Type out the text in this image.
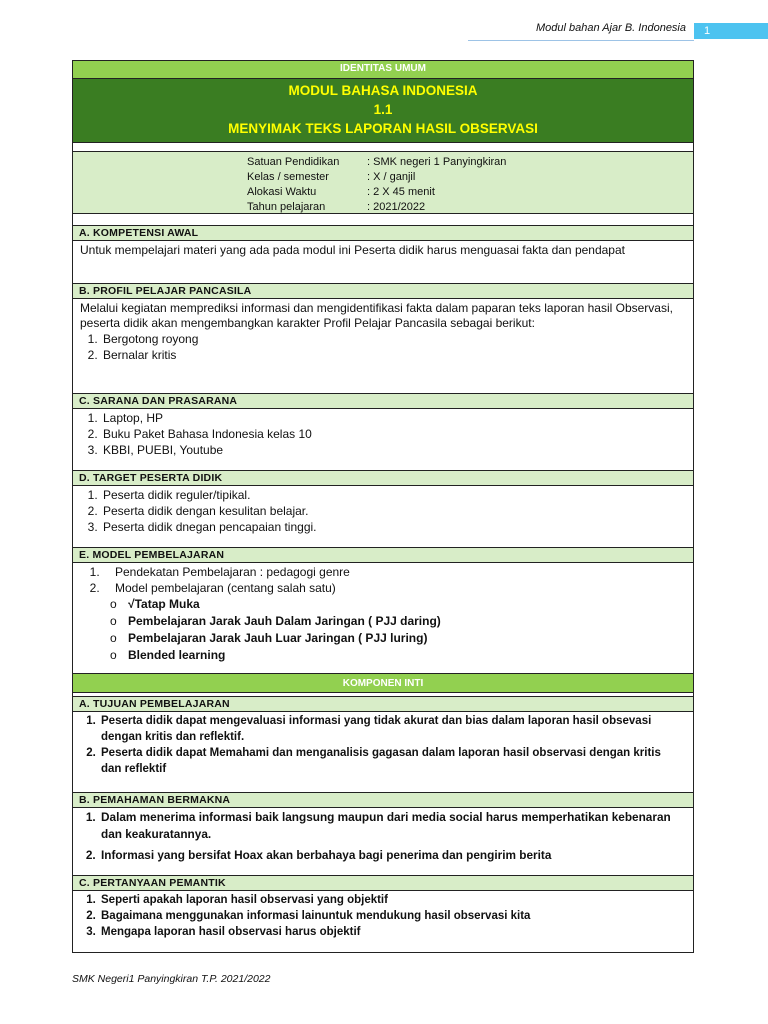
Modul bahan Ajar B. Indonesia	1
IDENTITAS UMUM
MODUL BAHASA INDONESIA
1.1
MENYIMAK TEKS LAPORAN HASIL OBSERVASI
Satuan Pendidikan	: SMK negeri 1 Panyingkiran
Kelas / semester	: X / ganjil
Alokasi Waktu	: 2 X 45 menit
Tahun pelajaran	: 2021/2022
A. KOMPETENSI AWAL
Untuk mempelajari materi yang ada pada modul ini Peserta didik harus menguasai fakta dan pendapat
B. PROFIL PELAJAR PANCASILA
Melalui kegiatan memprediksi informasi dan mengidentifikasi fakta dalam paparan teks laporan hasil Observasi, peserta didik akan mengembangkan karakter Profil Pelajar Pancasila sebagai berikut:
1. Bergotong royong
2. Bernalar kritis
C. SARANA DAN PRASARANA
1. Laptop, HP
2. Buku Paket Bahasa Indonesia kelas 10
3. KBBI, PUEBI, Youtube
D. TARGET PESERTA DIDIK
1. Peserta didik reguler/tipikal.
2. Peserta didik dengan kesulitan belajar.
3. Peserta didik dnegan pencapaian tinggi.
E. MODEL PEMBELAJARAN
1. Pendekatan Pembelajaran : pedagogi genre
2. Model pembelajaran (centang salah satu)
o √Tatap Muka
o Pembelajaran Jarak Jauh Dalam Jaringan ( PJJ daring)
o Pembelajaran Jarak Jauh Luar Jaringan ( PJJ luring)
o Blended learning
KOMPONEN INTI
A. TUJUAN PEMBELAJARAN
1. Peserta didik dapat mengevaluasi informasi yang tidak akurat dan bias dalam laporan hasil obsevasi dengan kritis dan reflektif.
2. Peserta didik dapat Memahami dan menganalisis gagasan dalam laporan hasil observasi dengan kritis dan reflektif
B. PEMAHAMAN BERMAKNA
1. Dalam menerima informasi baik langsung maupun dari media social harus memperhatikan kebenaran dan keakuratannya.
2. Informasi yang bersifat Hoax akan berbahaya bagi penerima dan pengirim berita
C. PERTANYAAN PEMANTIK
1. Seperti apakah laporan hasil observasi yang objektif
2. Bagaimana menggunakan informasi lainuntuk mendukung hasil observasi kita
3. Mengapa laporan hasil observasi harus objektif
SMK Negeri1 Panyingkiran T.P. 2021/2022
